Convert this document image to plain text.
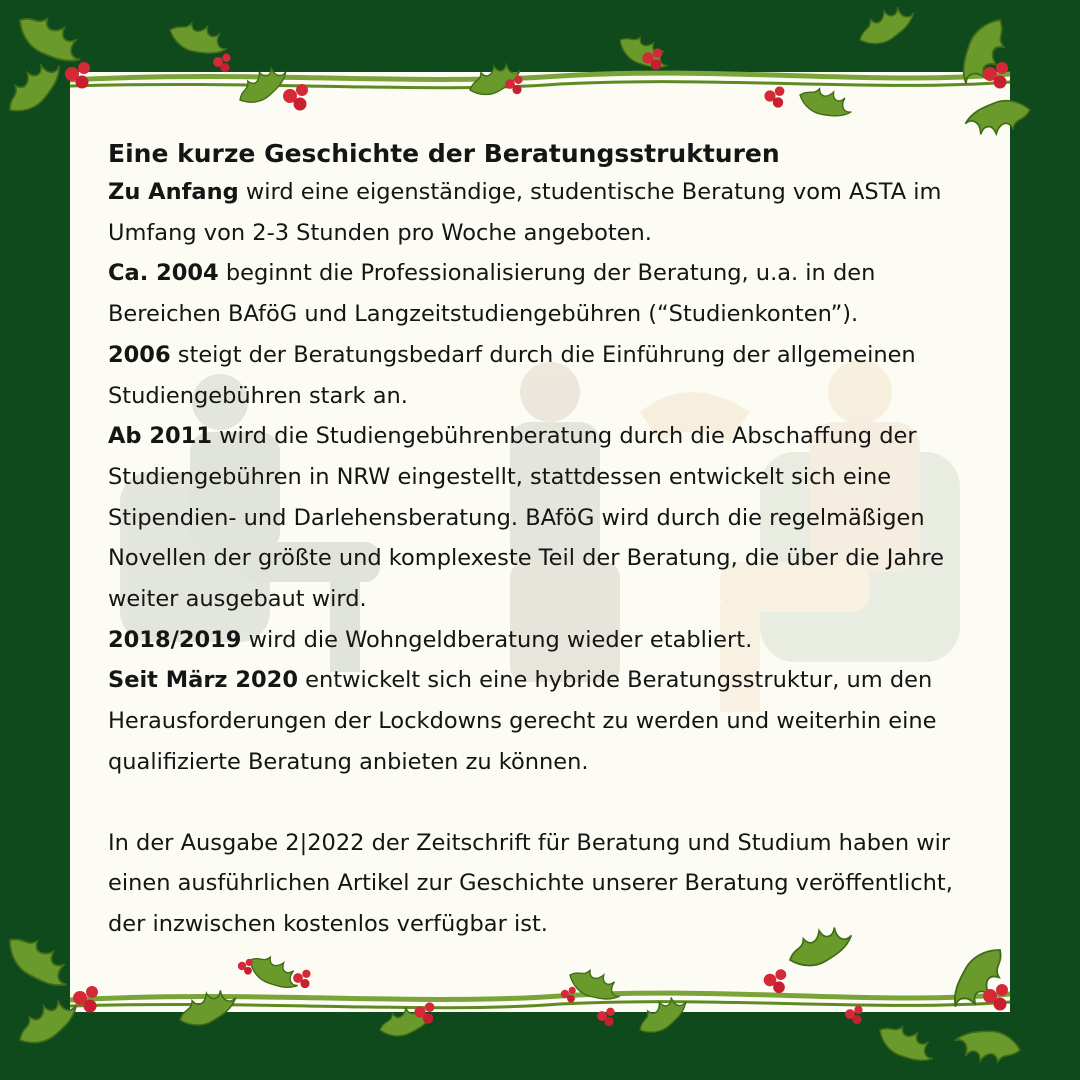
Eine kurze Geschichte der Beratungsstrukturen

Zu Anfang wird eine eigenständige, studentische Beratung vom ASTA im Umfang von 2-3 Stunden pro Woche angeboten.

Ca. 2004 beginnt die Professionalisierung der Beratung, u.a. in den Bereichen BAföG und Langzeitstudiengebühren (“Studienkonten”).

2006 steigt der Beratungsbedarf durch die Einführung der allgemeinen Studiengebühren stark an.

Ab 2011 wird die Studiengebührenberatung durch die Abschaffung der Studiengebühren in NRW eingestellt, stattdessen entwickelt sich eine Stipendien- und Darlehensberatung. BAföG wird durch die regelmäßigen Novellen der größte und komplexeste Teil der Beratung, die über die Jahre weiter ausgebaut wird.

2018/2019 wird die Wohngeldberatung wieder etabliert.

Seit März 2020 entwickelt sich eine hybride Beratungsstruktur, um den Herausforderungen der Lockdowns gerecht zu werden und weiterhin eine qualifizierte Beratung anbieten zu können.

In der Ausgabe 2|2022 der Zeitschrift für Beratung und Studium haben wir einen ausführlichen Artikel zur Geschichte unserer Beratung veröffentlicht, der inzwischen kostenlos verfügbar ist.
